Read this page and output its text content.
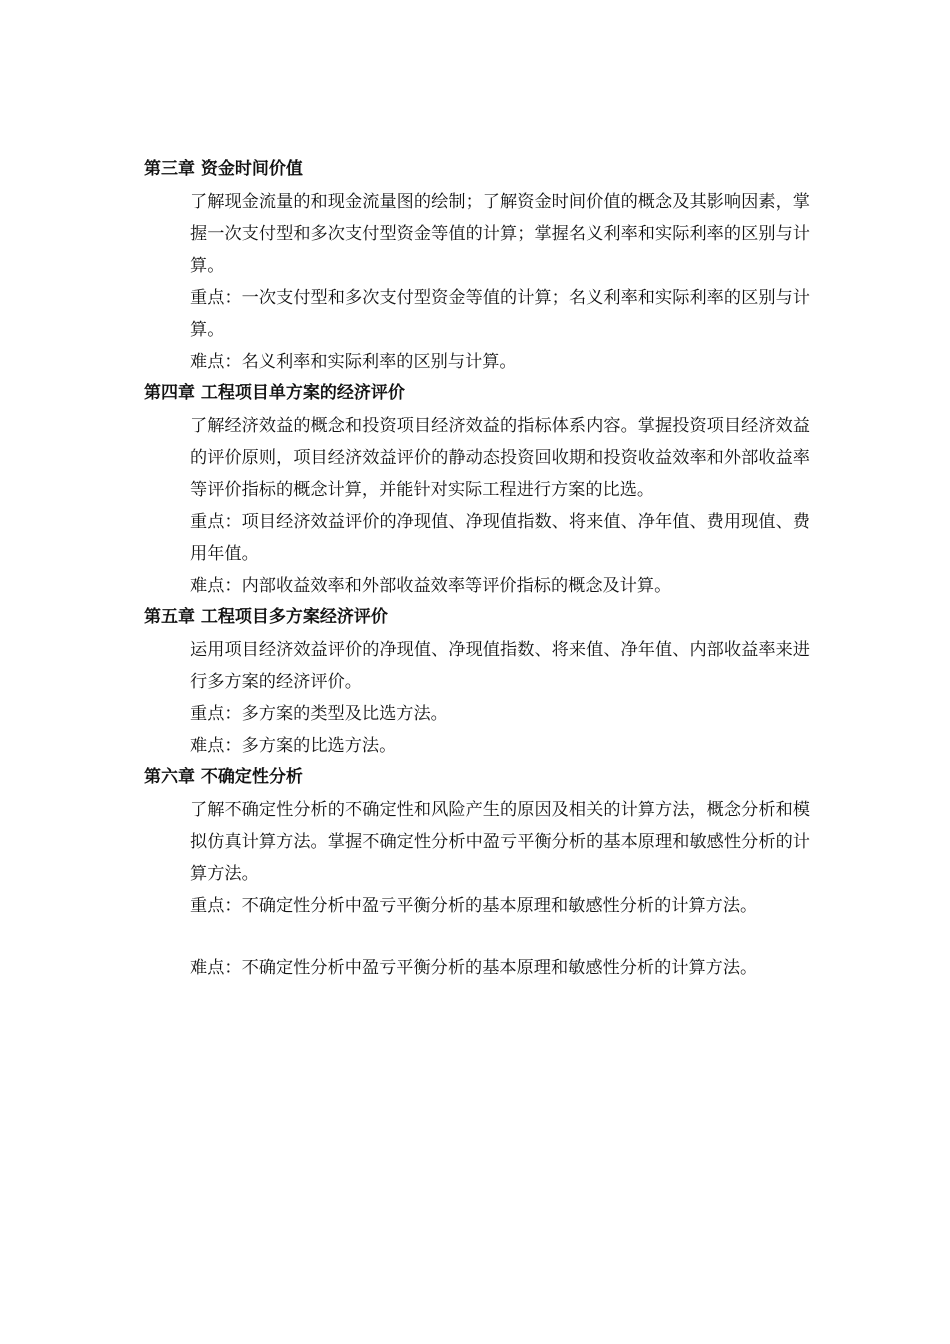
第三章 资金时间价值

了解现金流量的和现金流量图的绘制；了解资金时间价值的概念及其影响因素，掌握一次支付型和多次支付型资金等值的计算；掌握名义利率和实际利率的区别与计算。

重点：一次支付型和多次支付型资金等值的计算；名义利率和实际利率的区别与计算。

难点：名义利率和实际利率的区别与计算。

第四章 工程项目单方案的经济评价

了解经济效益的概念和投资项目经济效益的指标体系内容。掌握投资项目经济效益的评价原则，项目经济效益评价的静动态投资回收期和投资收益效率和外部收益率等评价指标的概念计算，并能针对实际工程进行方案的比选。

重点：项目经济效益评价的净现值、净现值指数、将来值、净年值、费用现值、费用年值。

难点：内部收益效率和外部收益效率等评价指标的概念及计算。

第五章 工程项目多方案经济评价

运用项目经济效益评价的净现值、净现值指数、将来值、净年值、内部收益率来进行多方案的经济评价。

重点：多方案的类型及比选方法。

难点：多方案的比选方法。

第六章 不确定性分析

了解不确定性分析的不确定性和风险产生的原因及相关的计算方法，概念分析和模拟仿真计算方法。掌握不确定性分析中盈亏平衡分析的基本原理和敏感性分析的计算方法。

重点：不确定性分析中盈亏平衡分析的基本原理和敏感性分析的计算方法。

难点：不确定性分析中盈亏平衡分析的基本原理和敏感性分析的计算方法。
